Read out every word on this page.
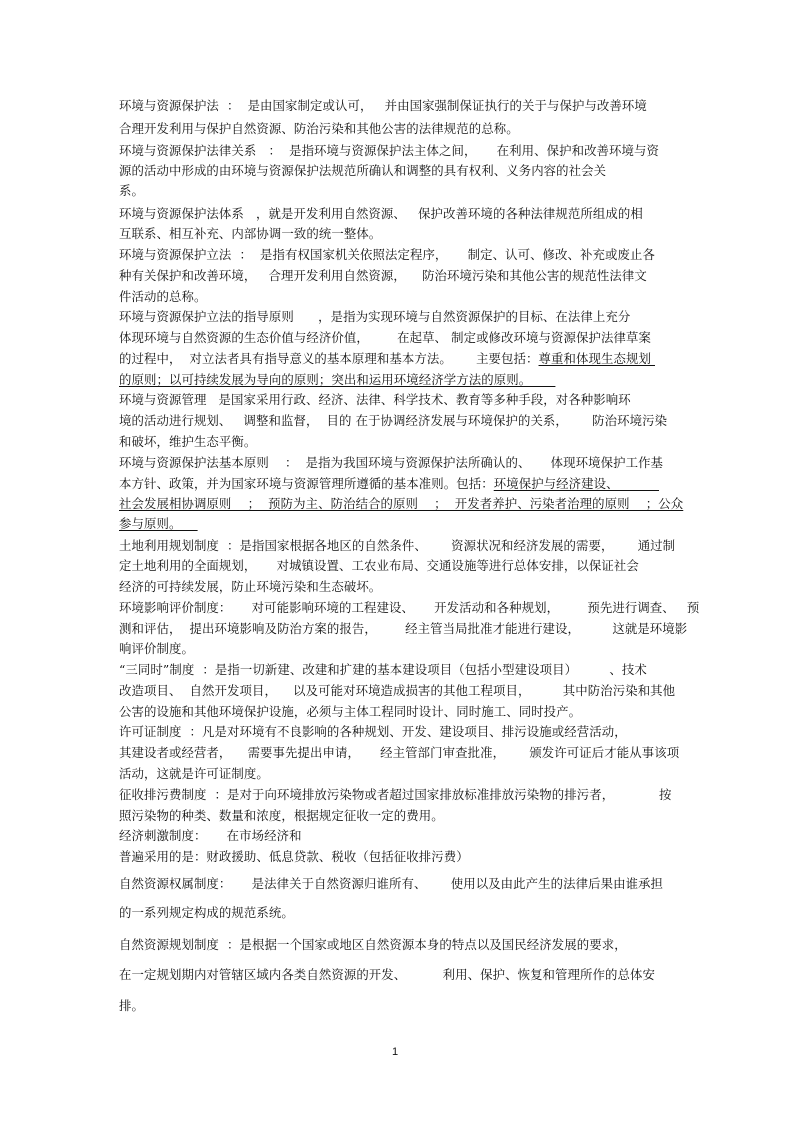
环境与资源保护法  ：  是由国家制定或认可，   并由国家强制保证执行的关于与保护与改善环境
合理开发利用与保护自然资源、防治污染和其他公害的法律规范的总称。
环境与资源保护法律关系   ：  是指环境与资源保护法主体之间，     在利用、保护和改善环境与资
源的活动中形成的由环境与资源保护法规范所确认和调整的具有权利、义务内容的社会关
系。
环境与资源保护法体系   ，就是开发利用自然资源、   保护改善环境的各种法律规范所组成的相
互联系、相互补充、内部协调一致的统一整体。
环境与资源保护立法  ：  是指有权国家机关依照法定程序，     制定、认可、修改、补充或废止各
种有关保护和改善环境，   合理开发利用自然资源，    防治环境污染和其他公害的规范性法律文
件活动的总称。
环境与资源保护立法的指导原则      ，是指为实现环境与自然资源保护的目标、在法律上充分
体现环境与自然资源的生态价值与经济价值，       在起草、 制定或修改环境与资源保护法律草案
的过程中，  对立法者具有指导意义的基本原理和基本方法。      主要包括：尊重和体现生态规划
的原则；以可持续发展为导向的原则；突出和运用环境经济学方法的原则。
环境与资源管理   是国家采用行政、经济、法律、科学技术、教育等多种手段，对各种影响环
境的活动进行规划、   调整和监督，  目的 在于协调经济发展与环境保护的关系，      防治环境污染
和破坏，维护生态平衡。
环境与资源保护法基本原则    ：  是指为我国环境与资源保护法所确认的、     体现环境保护工作基
本方针、政策，并为国家环境与资源管理所遵循的基本准则。包括：环境保护与经济建设、
社会发展相协调原则    ；  预防为主、防治结合的原则    ；  开发者养护、污染者治理的原则    ；公众
参与原则。
土地利用规划制度  ：是指国家根据各地区的自然条件、      资源状况和经济发展的需要，      通过制
定土地利用的全面规划，     对城镇设置、工农业布局、交通设施等进行总体安排，以保证社会
经济的可持续发展，防止环境污染和生态破坏。
环境影响评价制度：     对可能影响环境的工程建设、     开发活动和各种规划，       预先进行调查、   预
测和评估，  提出环境影响及防治方案的报告，       经主管当局批准才能进行建设，        这就是环境影
响评价制度。
“三同时”制度  ：是指一切新建、改建和扩建的基本建设项目（包括小型建设项目）        、技术
改造项目、  自然开发项目，    以及可能对环境造成损害的其他工程项目，        其中防治污染和其他
公害的设施和其他环境保护设施，必须与主体工程同时设计、同时施工、同时投产。
许可证制度  ：凡是对环境有不良影响的各种规划、开发、建设项目、排污设施或经营活动，
其建设者或经营者，    需要事先提出申请，     经主管部门审查批准，      颁发许可证后才能从事该项
活动，这就是许可证制度。
征收排污费制度  ：是对于向环境排放污染物或者超过国家排放标准排放污染物的排污者，	按
照污染物的种类、数量和浓度，根据规定征收一定的费用。
经济刺激制度：     在市场经济和
普遍采用的是：财政援助、低息贷款、税收（包括征收排污费）
自然资源权属制度：     是法律关于自然资源归谁所有、      使用以及由此产生的法律后果由谁承担
的一系列规定构成的规范系统。
自然资源规划制度  ：是根据一个国家或地区自然资源本身的特点以及国民经济发展的要求，
在一定规划期内对管辖区域内各类自然资源的开发、         利用、保护、恢复和管理所作的总体安
排。
1
